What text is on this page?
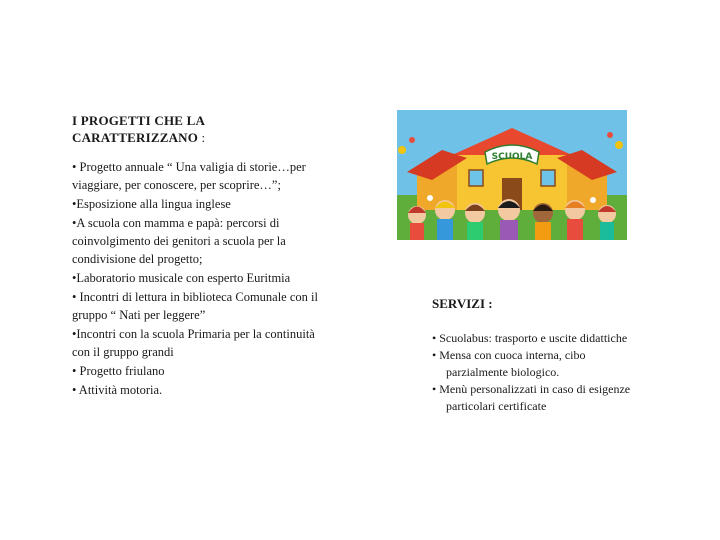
I PROGETTI CHE LA CARATTERIZZANO :

• Progetto annuale “ Una valigia di storie…per viaggiare, per conoscere, per scoprire…”;
•Esposizione alla lingua inglese
•A scuola con mamma e papà: percorsi di coinvolgimento dei genitori a scuola per la condivisione del progetto;
•Laboratorio musicale con esperto Euritmia
• Incontri di lettura in biblioteca Comunale con il gruppo “ Nati per leggere”
•Incontri con la scuola Primaria per la continuità con il gruppo grandi
• Progetto friulano
• Attività motoria.
SCUOLA

SERVIZI :

• Scuolabus: trasporto e uscite didattiche
• Mensa con cuoca interna, cibo parzialmente biologico.
• Menù personalizzati in caso di esigenze particolari certificate
